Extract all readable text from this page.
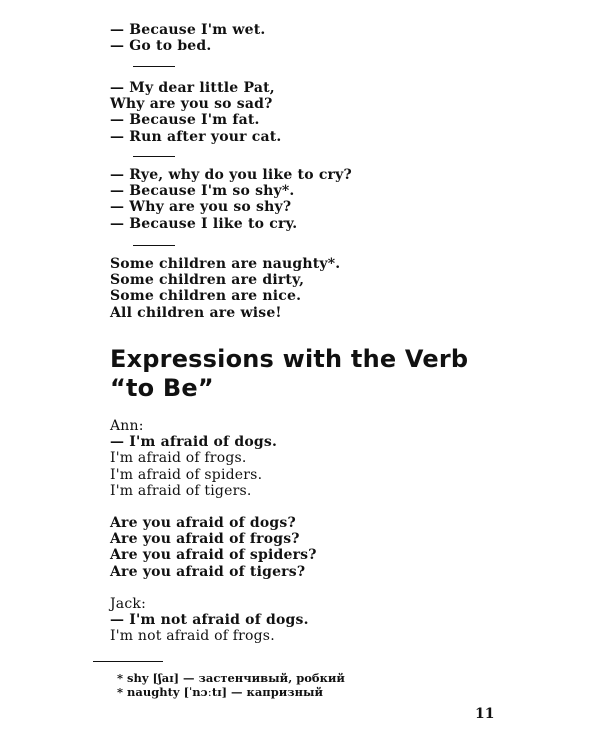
— Because I'm wet.
— Go to bed.
— My dear little Pat,
Why are you so sad?
— Because I'm fat.
— Run after your cat.
— Rye, why do you like to cry?
— Because I'm so shy*.
— Why are you so shy?
— Because I like to cry.
Some children are naughty*.
Some children are dirty,
Some children are nice.
All children are wise!
Expressions with the Verb
“to Be”
Ann:
— I'm afraid of dogs.
I'm afraid of frogs.
I'm afraid of spiders.
I'm afraid of tigers.
Are you afraid of dogs?
Are you afraid of frogs?
Are you afraid of spiders?
Are you afraid of tigers?
Jack:
— I'm not afraid of dogs.
I'm not afraid of frogs.
* shy [ʃaɪ] — застенчивый, робкий
* naughty [ˈnɔːtɪ] — капризный
11
